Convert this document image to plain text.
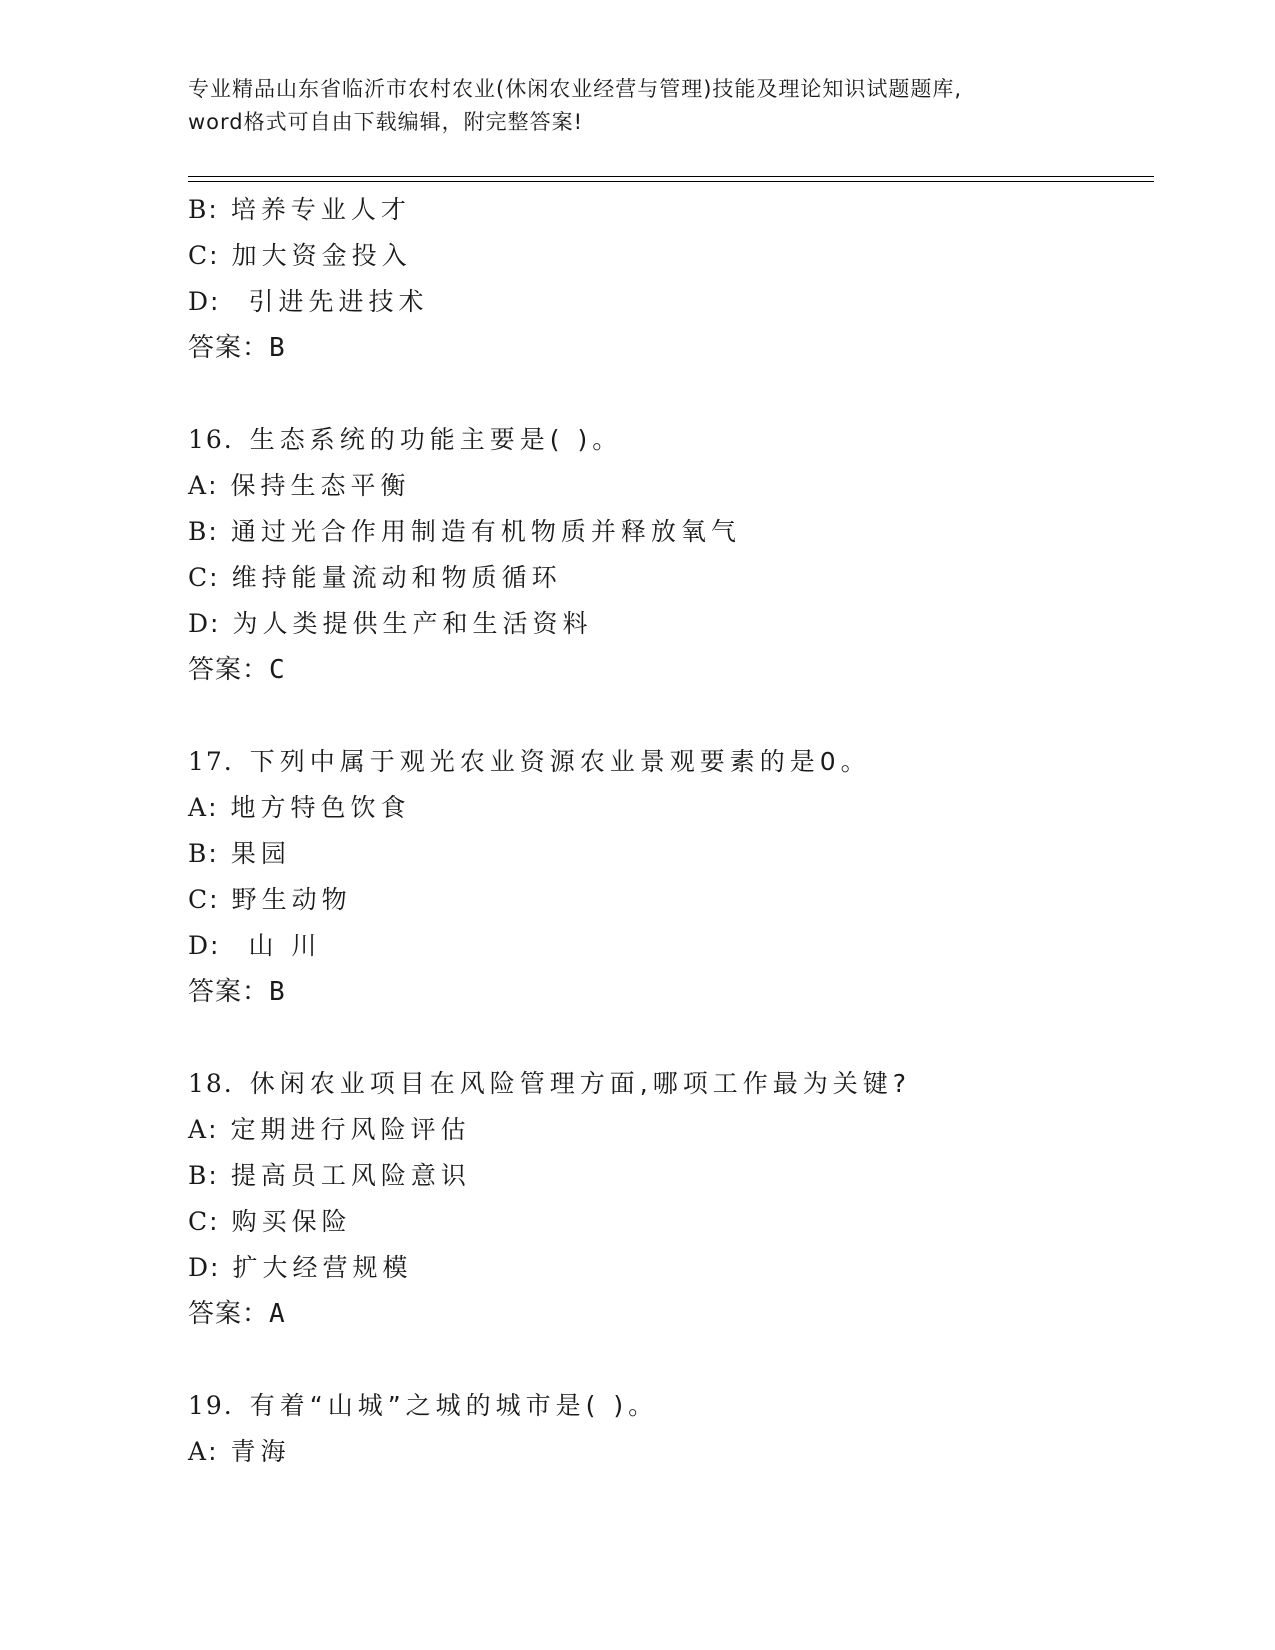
专业精品山东省临沂市农村农业(休闲农业经营与管理)技能及理论知识试题题库,
word格式可自由下载编辑，附完整答案!
B: 培养专业人才
C: 加大资金投入
D: 引进先进技术
答案：B
16. 生态系统的功能主要是( )。
A: 保持生态平衡
B: 通过光合作用制造有机物质并释放氧气
C: 维持能量流动和物质循环
D: 为人类提供生产和生活资料
答案：C
17. 下列中属于观光农业资源农业景观要素的是0。
A: 地方特色饮食
B: 果园
C: 野生动物
D: 山 川
答案：B
18. 休闲农业项目在风险管理方面,哪项工作最为关键?
A: 定期进行风险评估
B: 提高员工风险意识
C: 购买保险
D: 扩大经营规模
答案：A
19. 有着“山城”之城的城市是( )。
A: 青海
